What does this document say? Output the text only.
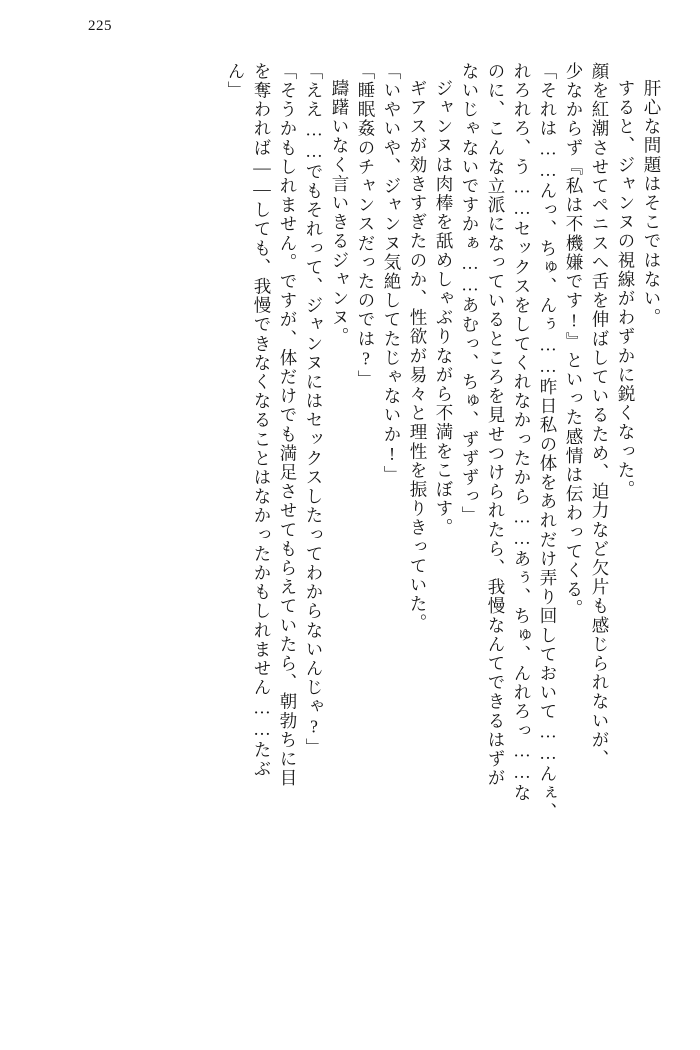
225
肝心な問題はそこではない。
すると、ジャンヌの視線がわずかに鋭くなった。
顔を紅潮させてペニスへ舌を伸ばしているため、迫力など欠片も感じられないが、
少なからず『私は不機嫌です!』といった感情は伝わってくる。
「それは……んっ、ちゅ、んぅ……昨日私の体をあれだけ弄り回しておいて……んぇ、
れろれろ、う……セックスをしてくれなかったから……あぅ、ちゅ、んれろっ……な
のに、こんな立派になっているところを見せつけられたら、我慢なんてできるはずが
ないじゃないですかぁ……あむっ、ちゅ、ずずずっ」
ジャンヌは肉棒を舐めしゃぶりながら不満をこぼす。
ギアスが効きすぎたのか、性欲が易々と理性を振りきっていた。
「いやいや、ジャンヌ気絶してたじゃないか!」
「睡眠姦のチャンスだったのでは?」
躊躇いなく言いきるジャンヌ。
「ええ……でもそれって、ジャンヌにはセックスしたってわからないんじゃ?」
「そうかもしれません。ですが、体だけでも満足させてもらえていたら、朝勃ちに目
を奪われば——しても、我慢できなくなることはなかったかもしれません……たぶ
ん」
